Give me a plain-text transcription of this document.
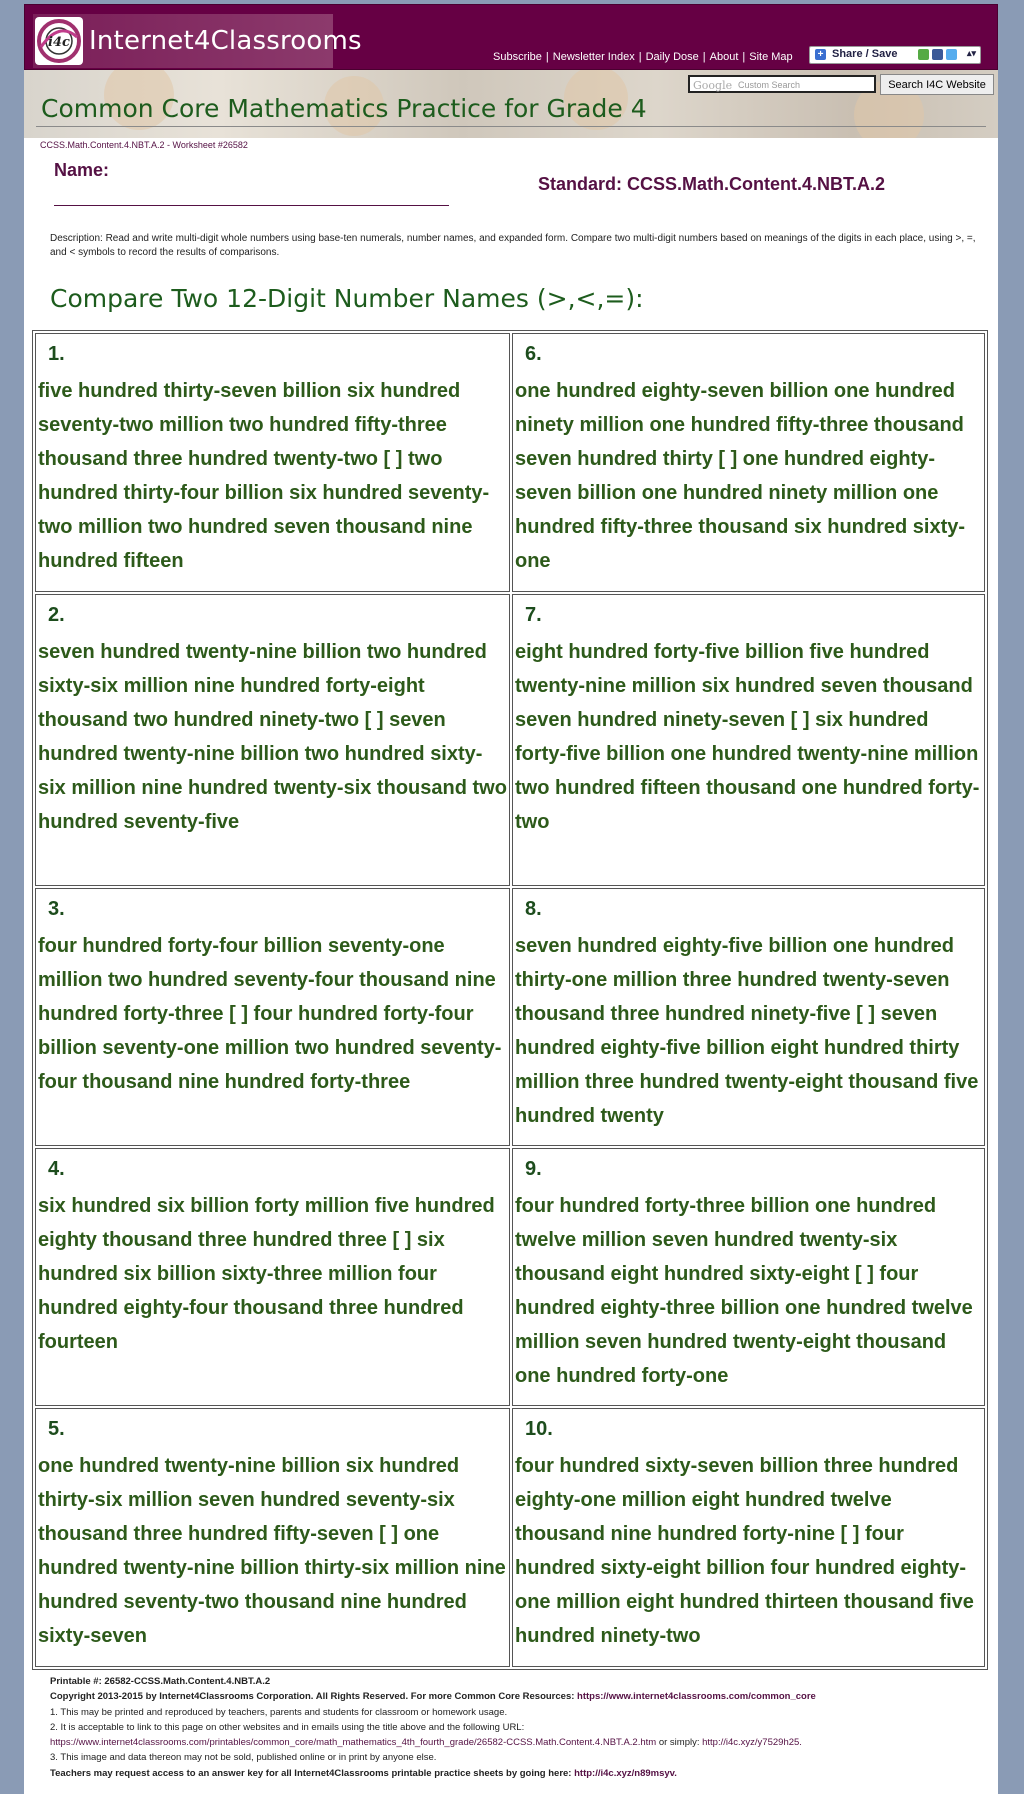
i4c Internet4Classrooms
Subscribe | Newsletter Index | Daily Dose | About | Site Map + Share / Save	▴▾
Google Custom Search	Search I4C Website
Common Core Mathematics Practice for Grade 4
CCSS.Math.Content.4.NBT.A.2 - Worksheet #26582
Name:
Standard: CCSS.Math.Content.4.NBT.A.2
Description: Read and write multi-digit whole numbers using base-ten numerals, number names, and expanded form. Compare two multi-digit numbers based on meanings of the digits in each place, using >, =, and < symbols to record the results of comparisons.
Compare Two 12-Digit Number Names (>,<,=):
1.
five hundred thirty-seven billion six hundred seventy-two million two hundred fifty-three thousand three hundred twenty-two [ ] two hundred thirty-four billion six hundred seventy-two million two hundred seven thousand nine hundred fifteen
2.
seven hundred twenty-nine billion two hundred sixty-six million nine hundred forty-eight thousand two hundred ninety-two [ ] seven hundred twenty-nine billion two hundred sixty-six million nine hundred twenty-six thousand two hundred seventy-five
3.
four hundred forty-four billion seventy-one million two hundred seventy-four thousand nine hundred forty-three [ ] four hundred forty-four billion seventy-one million two hundred seventy-four thousand nine hundred forty-three
4.
six hundred six billion forty million five hundred eighty thousand three hundred three [ ] six hundred six billion sixty-three million four hundred eighty-four thousand three hundred fourteen
5.
one hundred twenty-nine billion six hundred thirty-six million seven hundred seventy-six thousand three hundred fifty-seven [ ] one hundred twenty-nine billion thirty-six million nine hundred seventy-two thousand nine hundred sixty-seven
6.
one hundred eighty-seven billion one hundred ninety million one hundred fifty-three thousand seven hundred thirty [ ] one hundred eighty-seven billion one hundred ninety million one hundred fifty-three thousand six hundred sixty-one
7.
eight hundred forty-five billion five hundred twenty-nine million six hundred seven thousand seven hundred ninety-seven [ ] six hundred forty-five billion one hundred twenty-nine million two hundred fifteen thousand one hundred forty-two
8.
seven hundred eighty-five billion one hundred thirty-one million three hundred twenty-seven thousand three hundred ninety-five [ ] seven hundred eighty-five billion eight hundred thirty million three hundred twenty-eight thousand five hundred twenty
9.
four hundred forty-three billion one hundred twelve million seven hundred twenty-six thousand eight hundred sixty-eight [ ] four hundred eighty-three billion one hundred twelve million seven hundred twenty-eight thousand one hundred forty-one
10.
four hundred sixty-seven billion three hundred eighty-one million eight hundred twelve thousand nine hundred forty-nine [ ] four hundred sixty-eight billion four hundred eighty-one million eight hundred thirteen thousand five hundred ninety-two
Printable #: 26582-CCSS.Math.Content.4.NBT.A.2
Copyright 2013-2015 by Internet4Classrooms Corporation. All Rights Reserved. For more Common Core Resources: https://www.internet4classrooms.com/common_core
1. This may be printed and reproduced by teachers, parents and students for classroom or homework usage.
2. It is acceptable to link to this page on other websites and in emails using the title above and the following URL:
https://www.internet4classrooms.com/printables/common_core/math_mathematics_4th_fourth_grade/26582-CCSS.Math.Content.4.NBT.A.2.htm or simply: http://i4c.xyz/y7529h25.
3. This image and data thereon may not be sold, published online or in print by anyone else.
Teachers may request access to an answer key for all Internet4Classrooms printable practice sheets by going here: http://i4c.xyz/n89msyv.
